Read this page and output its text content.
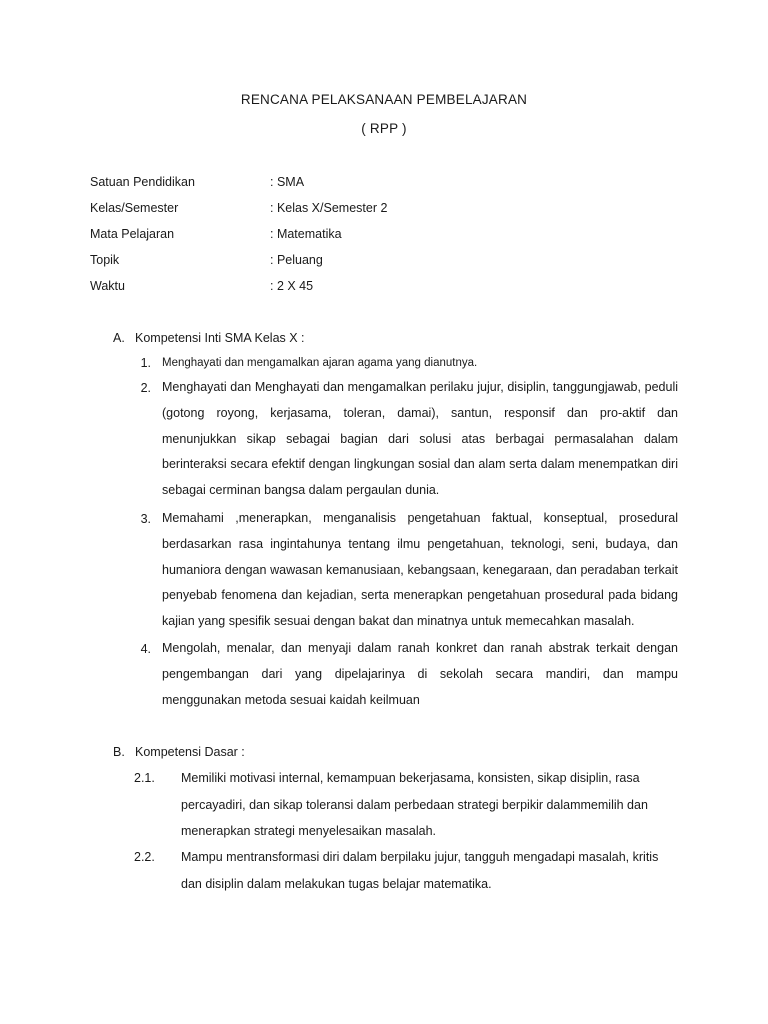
RENCANA PELAKSANAAN PEMBELAJARAN
( RPP )
Satuan Pendidikan	: SMA
Kelas/Semester	: Kelas X/Semester 2
Mata Pelajaran	: Matematika
Topik	: Peluang
Waktu	: 2 X 45
A. Kompetensi Inti SMA Kelas X :
1. Menghayati dan mengamalkan ajaran agama yang dianutnya.
2. Menghayati dan Menghayati dan mengamalkan perilaku jujur, disiplin, tanggungjawab, peduli (gotong royong, kerjasama, toleran, damai), santun, responsif dan pro-aktif dan menunjukkan sikap sebagai bagian dari solusi atas berbagai permasalahan dalam berinteraksi secara efektif dengan lingkungan sosial dan alam serta dalam menempatkan diri sebagai cerminan bangsa dalam pergaulan dunia.
3. Memahami ,menerapkan, menganalisis pengetahuan faktual, konseptual, prosedural berdasarkan rasa ingintahunya tentang ilmu pengetahuan, teknologi, seni, budaya, dan humaniora dengan wawasan kemanusiaan, kebangsaan, kenegaraan, dan peradaban terkait penyebab fenomena dan kejadian, serta menerapkan pengetahuan prosedural pada bidang kajian yang spesifik sesuai dengan bakat dan minatnya untuk memecahkan masalah.
4. Mengolah, menalar, dan menyaji dalam ranah konkret dan ranah abstrak terkait dengan pengembangan dari yang dipelajarinya di sekolah secara mandiri, dan mampu menggunakan metoda sesuai kaidah keilmuan
B. Kompetensi Dasar :
2.1. Memiliki motivasi internal, kemampuan bekerjasama, konsisten, sikap disiplin, rasa percayadiri, dan sikap toleransi dalam perbedaan strategi berpikir dalammemilih dan menerapkan strategi menyelesaikan masalah.
2.2. Mampu mentransformasi diri dalam berpilaku jujur, tangguh mengadapi masalah, kritis dan disiplin dalam melakukan tugas belajar matematika.
